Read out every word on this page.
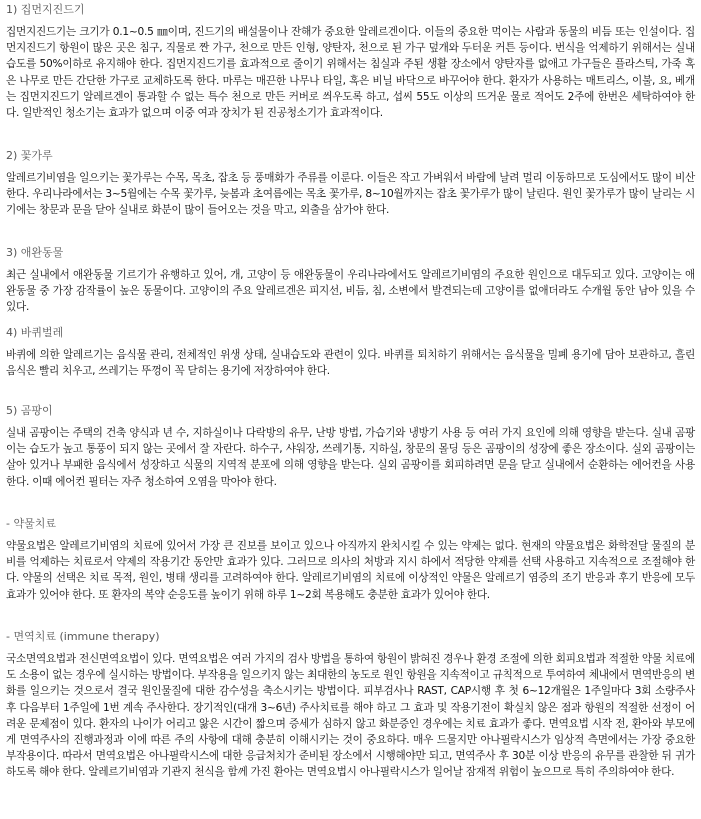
1) 집먼지진드기

집먼지진드기는 크기가 0.1~0.5 ㎜이며, 진드기의 배설물이나 잔해가 중요한 알레르겐이다. 이들의 중요한 먹이는 사람과 동물의 비듬 또는 인설이다. 집먼지진드기 항원이 많은 곳은 침구, 직물로 짠 가구, 천으로 만든 인형, 양탄자, 천으로 된 가구 덮개와 두터운 커튼 등이다. 번식을 억제하기 위해서는 실내습도를 50%이하로 유지해야 한다. 집먼지진드기를 효과적으로 줄이기 위해서는 침실과 주된 생활 장소에서 양탄자를 없애고 가구들은 플라스틱, 가죽 혹은 나무로 만든 간단한 가구로 교체하도록 한다. 마루는 매끈한 나무나 타일, 혹은 비닐 바닥으로 바꾸어야 한다. 환자가 사용하는 매트리스, 이불, 요, 베개는 집먼지진드기 알레르겐이 통과할 수 없는 특수 천으로 만든 커버로 씌우도록 하고, 섭씨 55도 이상의 뜨거운 물로 적어도 2주에 한번은 세탁하여야 한다. 일반적인 청소기는 효과가 없으며 이중 여과 장치가 된 진공청소기가 효과적이다.

2) 꽃가루

알레르기비염을 일으키는 꽃가루는 수목, 목초, 잡초 등 풍매화가 주류를 이룬다. 이들은 작고 가벼워서 바람에 날려 멀리 이동하므로 도심에서도 많이 비산한다. 우리나라에서는 3~5월에는 수목 꽃가루, 늦봄과 초여름에는 목초 꽃가루, 8~10월까지는 잡초 꽃가루가 많이 날린다. 원인 꽃가루가 많이 날리는 시기에는 창문과 문을 닫아 실내로 화분이 많이 들어오는 것을 막고, 외출을 삼가야 한다.

3) 애완동물

최근 실내에서 애완동물 기르기가 유행하고 있어, 개, 고양이 등 애완동물이 우리나라에서도 알레르기비염의 주요한 원인으로 대두되고 있다. 고양이는 애완동물 중 가장 감작률이 높은 동물이다. 고양이의 주요 알레르겐은 피지선, 비듬, 침, 소변에서 발견되는데 고양이를 없애더라도 수개월 동안 남아 있을 수 있다.

4) 바퀴벌레

바퀴에 의한 알레르기는 음식물 관리, 전체적인 위생 상태, 실내습도와 관련이 있다. 바퀴를 퇴치하기 위해서는 음식물을 밀폐 용기에 담아 보관하고, 흘린 음식은 빨리 치우고, 쓰레기는 뚜껑이 꼭 닫히는 용기에 저장하여야 한다.

5) 곰팡이

실내 곰팡이는 주택의 건축 양식과 년 수, 지하실이나 다락방의 유무, 난방 방법, 가습기와 냉방기 사용 등 여러 가지 요인에 의해 영향을 받는다. 실내 곰팡이는 습도가 높고 통풍이 되지 않는 곳에서 잘 자란다. 하수구, 샤워장, 쓰레기통, 지하실, 창문의 몰딩 등은 곰팡이의 성장에 좋은 장소이다. 실외 곰팡이는 살아 있거나 부패한 음식에서 성장하고 식물의 지역적 분포에 의해 영향을 받는다. 실외 곰팡이를 회피하려면 문을 닫고 실내에서 순환하는 에어컨을 사용한다. 이때 에어컨 필터는 자주 청소하여 오염을 막아야 한다.

- 약물치료

약물요법은 알레르기비염의 치료에 있어서 가장 큰 진보를 보이고 있으나 아직까지 완치시킬 수 있는 약제는 없다. 현재의 약물요법은 화학전달 물질의 분비를 억제하는 치료로서 약제의 작용기간 동안만 효과가 있다. 그러므로 의사의 처방과 지시 하에서 적당한 약제를 선택 사용하고 지속적으로 조절해야 한다. 약물의 선택은 치료 목적, 원인, 병태 생리를 고려하여야 한다. 알레르기비염의 치료에 이상적인 약물은 알레르기 염증의 조기 반응과 후기 반응에 모두 효과가 있어야 한다. 또 환자의 복약 순응도를 높이기 위해 하루 1~2회 복용해도 충분한 효과가 있어야 한다.

- 면역치료 (immune therapy)

국소면역요법과 전신면역요법이 있다. 면역요법은 여러 가지의 검사 방법을 통하여 항원이 밝혀진 경우나 환경 조절에 의한 회피요법과 적절한 약물 치료에도 소용이 없는 경우에 실시하는 방법이다. 부작용을 일으키지 않는 최대한의 농도로 원인 항원을 지속적이고 규칙적으로 투여하여 체내에서 면역반응의 변화를 일으키는 것으로서 결국 원인물질에 대한 감수성을 축소시키는 방법이다. 피부검사나 RAST, CAP시행 후 첫 6~12개월은 1주일마다 3회 소량주사 후 다음부터 1주일에 1번 계속 주사한다. 장기적인(대개 3~6년) 주사치료를 해야 하고 그 효과 및 작용기전이 확실치 않은 점과 항원의 적절한 선정이 어려운 문제점이 있다. 환자의 나이가 어리고 앓은 시간이 짧으며 증세가 심하지 않고 화분증인 경우에는 치료 효과가 좋다. 면역요법 시작 전, 환아와 부모에게 면역주사의 진행과정과 이에 따른 주의 사항에 대해 충분히 이해시키는 것이 중요하다. 매우 드물지만 아나필락시스가 임상적 측면에서는 가장 중요한 부작용이다. 따라서 면역요법은 아나필락시스에 대한 응급처치가 준비된 장소에서 시행해야만 되고, 면역주사 후 30분 이상 반응의 유무를 관찰한 뒤 귀가하도록 해야 한다. 알레르기비염과 기관지 천식을 함께 가진 환아는 면역요법시 아나필락시스가 일어날 잠재적 위험이 높으므로 특히 주의하여야 한다.
